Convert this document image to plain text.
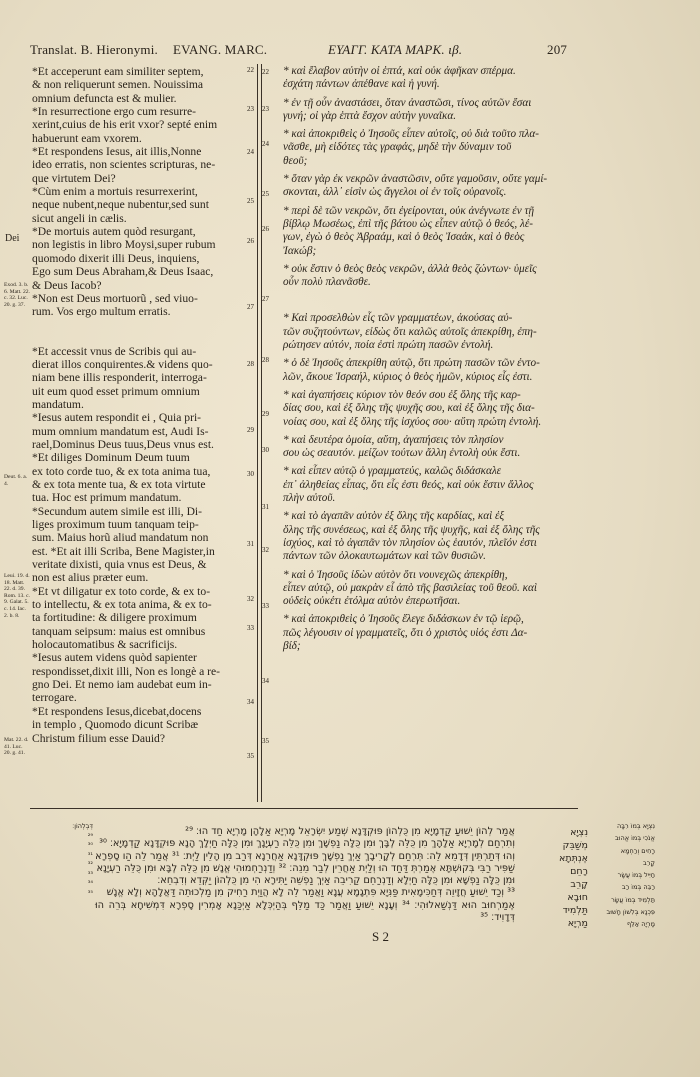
Translat. B. Hieronymi. EVANG. MARC.	ΕΥΑΓΓ. ΚΑΤΑ ΜΑΡΚ. ιβ.	207
Dei
Exod. 3. b. 6. Matt. 22. c. 32. Luc. 20. g. 37.
Deut. 6. a. 4.
Leui. 19. d. 18. Matt. 22. d. 39. Rom. 13. c. 9. Galat. 5. c. 14. Iac. 2. b. 8.
Mat. 22. d. 41. Luc. 20. g. 41.
22
23
24
25
26
27
28
29
30
31
32
33
34
35

*Et acceperunt eam similiter septem,

& non reliquerunt semen. Nouissima

omnium defuncta est & mulier.

*In resurrectione ergo cum resurre-

xerint,cuius de his erit vxor? septé enim

habuerunt eam vxorem.

*Et respondens Iesus, ait illis,Nonne

ideo erratis, non scientes scripturas, ne-

que virtutem Dei?

*Cùm enim a mortuis resurrexerint,

neque nubent,neque nubentur,sed sunt

sicut angeli in cælis.

*De mortuis autem quòd resurgant,

non legistis in libro Moysi,super rubum

quomodo dixerit illi Deus, inquiens,

Ego sum Deus Abraham,& Deus Isaac,

& Deus Iacob?

*Non est Deus mortuorũ , sed viuo-

rum. Vos ergo multum erratis.

*Et accessit vnus de Scribis qui au-

dierat illos conquirentes.& videns quo-

niam bene illis responderit, interroga-

uit eum quod esset primum omnium

mandatum.

*Iesus autem respondit ei , Quia pri-

mum omnium mandatum est, Audi Is-

rael,Dominus Deus tuus,Deus vnus est.

*Et diliges Dominum Deum tuum

ex toto corde tuo, & ex tota anima tua,

& ex tota mente tua, & ex tota virtute

tua. Hoc est primum mandatum.

*Secundum autem simile est illi, Di-

liges proximum tuum tanquam teip-

sum. Maius horũ aliud mandatum non

est. *Et ait illi Scriba, Bene Magister,in

veritate dixisti, quia vnus est Deus, &

non est alius præter eum.

*Et vt diligatur ex toto corde, & ex to-

to intellectu, & ex tota anima, & ex to-

ta fortitudine: & diligere proximum

tanquam seipsum: maius est omnibus

holocautomatibus & sacrificijs.

*Iesus autem videns quòd sapienter

respondisset,dixit illi, Non es longè a re-

gno Dei. Et nemo iam audebat eum in-

terrogare.

*Et respondens Iesus,dicebat,docens

in templo , Quomodo dicunt Scribæ

Christum filium esse Dauid?

22
23
24
25
26
27
28
29
30
31
32
33
34
35
* καὶ ἔλαβον αὐτὴν οἱ ἑπτά, καὶ οὐκ ἀφῆκαν σπέρμα.
ἐσχάτη πάντων ἀπέθανε καὶ ἡ γυνή.
* ἐν τῇ οὖν ἀναστάσει, ὅταν ἀναστῶσι, τίνος αὐτῶν ἔσαι
γυνή; οἱ γὰρ ἑπτὰ ἔσχον αὐτὴν γυναῖκα.
* καὶ ἀποκριθεὶς ὁ Ἰησοῦς εἶπεν αὐτοῖς, οὐ διὰ τοῦτο πλα-
νᾶσθε, μὴ εἰδότες τὰς γραφάς, μηδὲ τὴν δύναμιν τοῦ
θεοῦ;
* ὅταν γὰρ ἐκ νεκρῶν ἀναστῶσιν, οὔτε γαμοῦσιν, οὔτε γαμί-
σκονται, ἀλλ᾽ εἰσὶν ὡς ἄγγελοι οἱ ἐν τοῖς οὐρανοῖς.
* περὶ δὲ τῶν νεκρῶν, ὅτι ἐγείρονται, οὐκ ἀνέγνωτε ἐν τῇ
βίβλῳ Μωσέως, ἐπὶ τῆς βάτου ὡς εἶπεν αὐτῷ ὁ θεός, λέ-
γων, ἐγὼ ὁ θεὸς Ἀβραάμ, καὶ ὁ θεὸς Ἰσαάκ, καὶ ὁ θεὸς
Ἰακώβ;
* οὐκ ἔστιν ὁ θεὸς θεὸς νεκρῶν, ἀλλὰ θεὸς ζώντων· ὑμεῖς
οὖν πολὺ πλανᾶσθε.
* Καὶ προσελθὼν εἷς τῶν γραμματέων, ἀκούσας αὐ-
τῶν συζητούντων, εἰδὼς ὅτι καλῶς αὐτοῖς ἀπεκρίθη, ἐπη-
ρώτησεν αὐτόν, ποία ἐστὶ πρώτη πασῶν ἐντολή.
* ὁ δὲ Ἰησοῦς ἀπεκρίθη αὐτῷ, ὅτι πρώτη πασῶν τῶν ἐντο-
λῶν, ἄκουε Ἰσραήλ, κύριος ὁ θεὸς ἡμῶν, κύριος εἷς ἐστι.
* καὶ ἀγαπήσεις κύριον τὸν θεόν σου ἐξ ὅλης τῆς καρ-
δίας σου, καὶ ἐξ ὅλης τῆς ψυχῆς σου, καὶ ἐξ ὅλης τῆς δια-
νοίας σου, καὶ ἐξ ὅλης τῆς ἰσχύος σου· αὕτη πρώτη ἐντολή.
* καὶ δευτέρα ὁμοία, αὕτη, ἀγαπήσεις τὸν πλησίον
σου ὡς σεαυτόν. μείζων τούτων ἄλλη ἐντολὴ οὐκ ἔστι.
* καὶ εἶπεν αὐτῷ ὁ γραμματεύς, καλῶς διδάσκαλε
ἐπ᾽ ἀληθείας εἶπας, ὅτι εἷς ἐστι θεός, καὶ οὐκ ἔστιν ἄλλος
πλὴν αὐτοῦ.
* καὶ τὸ ἀγαπᾶν αὐτὸν ἐξ ὅλης τῆς καρδίας, καὶ ἐξ
ὅλης τῆς συνέσεως, καὶ ἐξ ὅλης τῆς ψυχῆς, καὶ ἐξ ὅλης τῆς
ἰσχύος, καὶ τὸ ἀγαπᾶν τὸν πλησίον ὡς ἑαυτόν, πλεῖόν ἐστι
πάντων τῶν ὁλοκαυτωμάτων καὶ τῶν θυσιῶν.
* καὶ ὁ Ἰησοῦς ἰδὼν αὐτὸν ὅτι νουνεχῶς ἀπεκρίθη,
εἶπεν αὐτῷ, οὐ μακρὰν εἶ ἀπὸ τῆς βασιλείας τοῦ θεοῦ. καὶ
οὐδεὶς οὐκέτι ἐτόλμα αὐτὸν ἐπερωτῆσαι.
* καὶ ἀποκριθεὶς ὁ Ἰησοῦς ἔλεγε διδάσκων ἐν τῷ ἱερῷ,
πῶς λέγουσιν οἱ γραμματεῖς, ὅτι ὁ χριστὸς υἱός ἐστι Δα-
βίδ;
דְּבְלְהוֹן׃
²⁹
³⁰
³¹
³²
³³
³⁴
³⁵
אֲמַר לְהוֹן יֵשׁוּעַ קַדְמָיָא מִן כֻּלְהוֹן פּוּקְדָּנָא שְׁמַע יִשְׂרָאֵל מָרְיָא אַלָהָן מָרְיָא חַד הוּ׃ ²⁹
וְתִרְחַם לְמָרְיָא אַלָהָךְ מִן כֻּלֵּה לֶבָּךְ וּמִן כֻּלָּה נַפְשָׁךְ וּמִן כֻּלֵּה רַעְיָנָךְ וּמִן כֻּלָּה חַיְלָךְ הָנָא פּוּקְדָּנָא קַדְמָיָא׃ ³⁰
וְהוּ דְּתַרְתֵּין דְּדָמֵא לֵה׃ תְּרְחַם לְקָרִיבָךְ אַיְךְ נַפְשָׁךְ פּוּקְדָּנָא אַחֲרֵנָא דְּרַב מִן הָלֵין לַיְת׃ ³¹ אֲמַר לֵה הַו סָפְרָא
שַׁפִּיר רַבִּי בְּקוּשְׁתָּא אֶמַרְתְּ דַּחַד הוּ וְלַיְת אַחֲרֵין לְבַר מֵנֵה׃ ³² וְדַנְרַחְמוּהִי אֱנָשׁ מִן כֻּלֵּה לֶבָּא וּמִן כֻּלֵּה רַעְיָנָא
וּמִן כֻּלָּה נַפְשָׁא וּמִן כֻּלָּה חַיְלָא וְדַנְרַחֵם קַרִיבֵה אַיְךְ נַפְשֵׁה יַתִּירָא הִי מִן כֻּלְהוֹן יַקְּדֵא וְדִבְחֵא׃
³³ וְכַד יֵשׁוּעַ חֲזָיוֵה דְּחַכִּימָאִית פַּנִּיָא פִּתְגָמָא עֲנָא וַאֲמַר לֵה לָא הֲוַיְת רַחִיק מִן מַלְכוּתֵה דַּאֲלָהָא וְלָא אֱנָשׁ
אֶמַרְחוּב הוּא דַּנְשַׁאלוּהִי׃ ³⁴ וְעָנָא יֵשׁוּעַ וַאֲמַר כַּד מַלֵּף בְּהַיְכְּלָא אַיְכַּנָא אָמְרִין סָפְרָא דִּמְשִׁיחָא בְּרֵה הוּ דְּדָוִיד׃ ³⁵
נִצְיָא
מְשַׁבֵּק
אֶנְתְּתָא
רָחֵם
קָרֵב
חוּבָא
תַּלְמִיד
מַרְיָא
נִצְיָא בְּמוֹ רִבָּה
אֱנֹכִי בְּמוֹ אֱהוּב
רָחִים וְרַחְמָא
קָרֵב
חַיִּיל בְּמוֹ עֲשָׂר
רַבֵּה בְּמוֹ רַב
תַּלְמִיד בְּמוֹ עֲשָׂר
פִּכְנָא בְּלִשׁוֹן חָשׁוּב
מָרְיָה אַלֵּף
S 2
